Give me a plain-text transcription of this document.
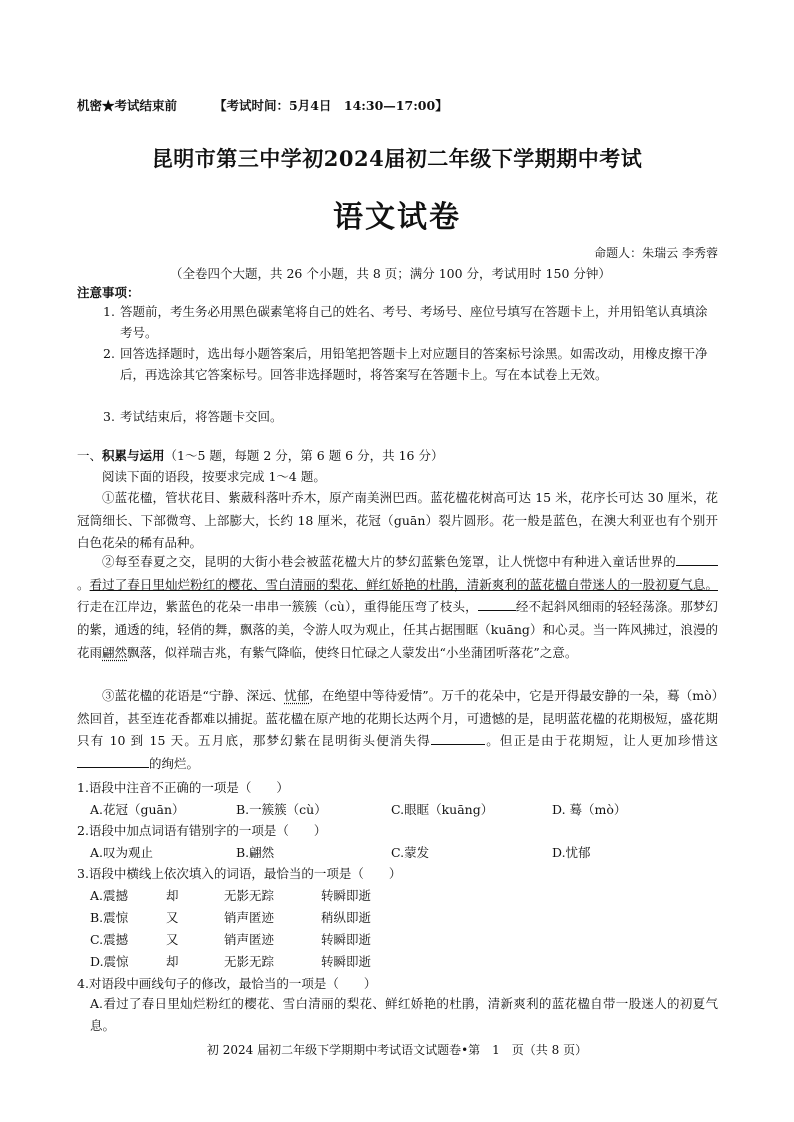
机密★考试结束前	【考试时间：5月4日　14:30—17:00】
昆明市第三中学初2024届初二年级下学期期中考试
语文试卷
命题人：朱瑞云 李秀蓉
（全卷四个大题，共 26 个小题，共 8 页；满分 100 分，考试用时 150 分钟）
注意事项：
1. 答题前，考生务必用黑色碳素笔将自己的姓名、考号、考场号、座位号填写在答题卡上，并用铅笔认真填涂考号。
2. 回答选择题时，选出每小题答案后，用铅笔把答题卡上对应题目的答案标号涂黑。如需改动，用橡皮擦干净后，再选涂其它答案标号。回答非选择题时，将答案写在答题卡上。写在本试卷上无效。
3. 考试结束后，将答题卡交回。
一、积累与运用（1～5 题，每题 2 分，第 6 题 6 分，共 16 分）
阅读下面的语段，按要求完成 1～4 题。
①蓝花楹，管状花目、紫葳科落叶乔木，原产南美洲巴西。蓝花楹花树高可达 15 米，花序长可达 30 厘米，花冠筒细长、下部微弯、上部膨大，长约 18 厘米，花冠（guān）裂片圆形。花一般是蓝色，在澳大利亚也有个别开白色花朵的稀有品种。
②每至春夏之交，昆明的大街小巷会被蓝花楹大片的梦幻蓝紫色笼罩，让人恍惚中有种进入童话世界的。看过了春日里灿烂粉红的樱花、雪白清丽的梨花、鲜红娇艳的杜鹃，清新爽利的蓝花楹自带迷人的一股初夏气息。行走在江岸边，紫蓝色的花朵一串串一簇簇（cù），重得能压弯了枝头，	经不起斜风细雨的轻轻荡涤。那梦幻的紫，通透的纯，轻俏的舞，飘落的美，令游人叹为观止，任其占据围眶（kuāng）和心灵。当一阵风拂过，浪漫的花雨翩然飘落，似祥瑞吉兆，有紫气降临，使终日忙碌之人蒙发出“小坐蒲团听落花”之意。
③蓝花楹的花语是“宁静、深远、忧郁，在绝望中等待爱情”。万千的花朵中，它是开得最安静的一朵，蓦（mò）然回首，甚至连花香都难以捕捉。蓝花楹在原产地的花期长达两个月，可遗憾的是，昆明蓝花楹的花期极短，盛花期只有 10 到 15 天。五月底，那梦幻紫在昆明街头便消失得	。但正是由于花期短，让人更加珍惜这的绚烂。
1.语段中注音不正确的一项是（　　）
A.花冠（guān）	B.一簇簇（cù）	C.眼眶（kuāng）	D. 蓦（mò）
2.语段中加点词语有错别字的一项是（　　）
A.叹为观止	B.翩然	C.蒙发	D.忧郁
3.语段中横线上依次填入的词语，最恰当的一项是（　　）
A.震撼	却	无影无踪	转瞬即逝
B.震惊	又	销声匿迹	稍纵即逝
C.震撼	又	销声匿迹	转瞬即逝
D.震惊	却	无影无踪	转瞬即逝
4.对语段中画线句子的修改，最恰当的一项是（　　）
A.看过了春日里灿烂粉红的樱花、雪白清丽的梨花、鲜红娇艳的杜鹃，清新爽利的蓝花楹自带一股迷人的初夏气息。
初 2024 届初二年级下学期期中考试语文试题卷•第　1　页（共 8 页）
